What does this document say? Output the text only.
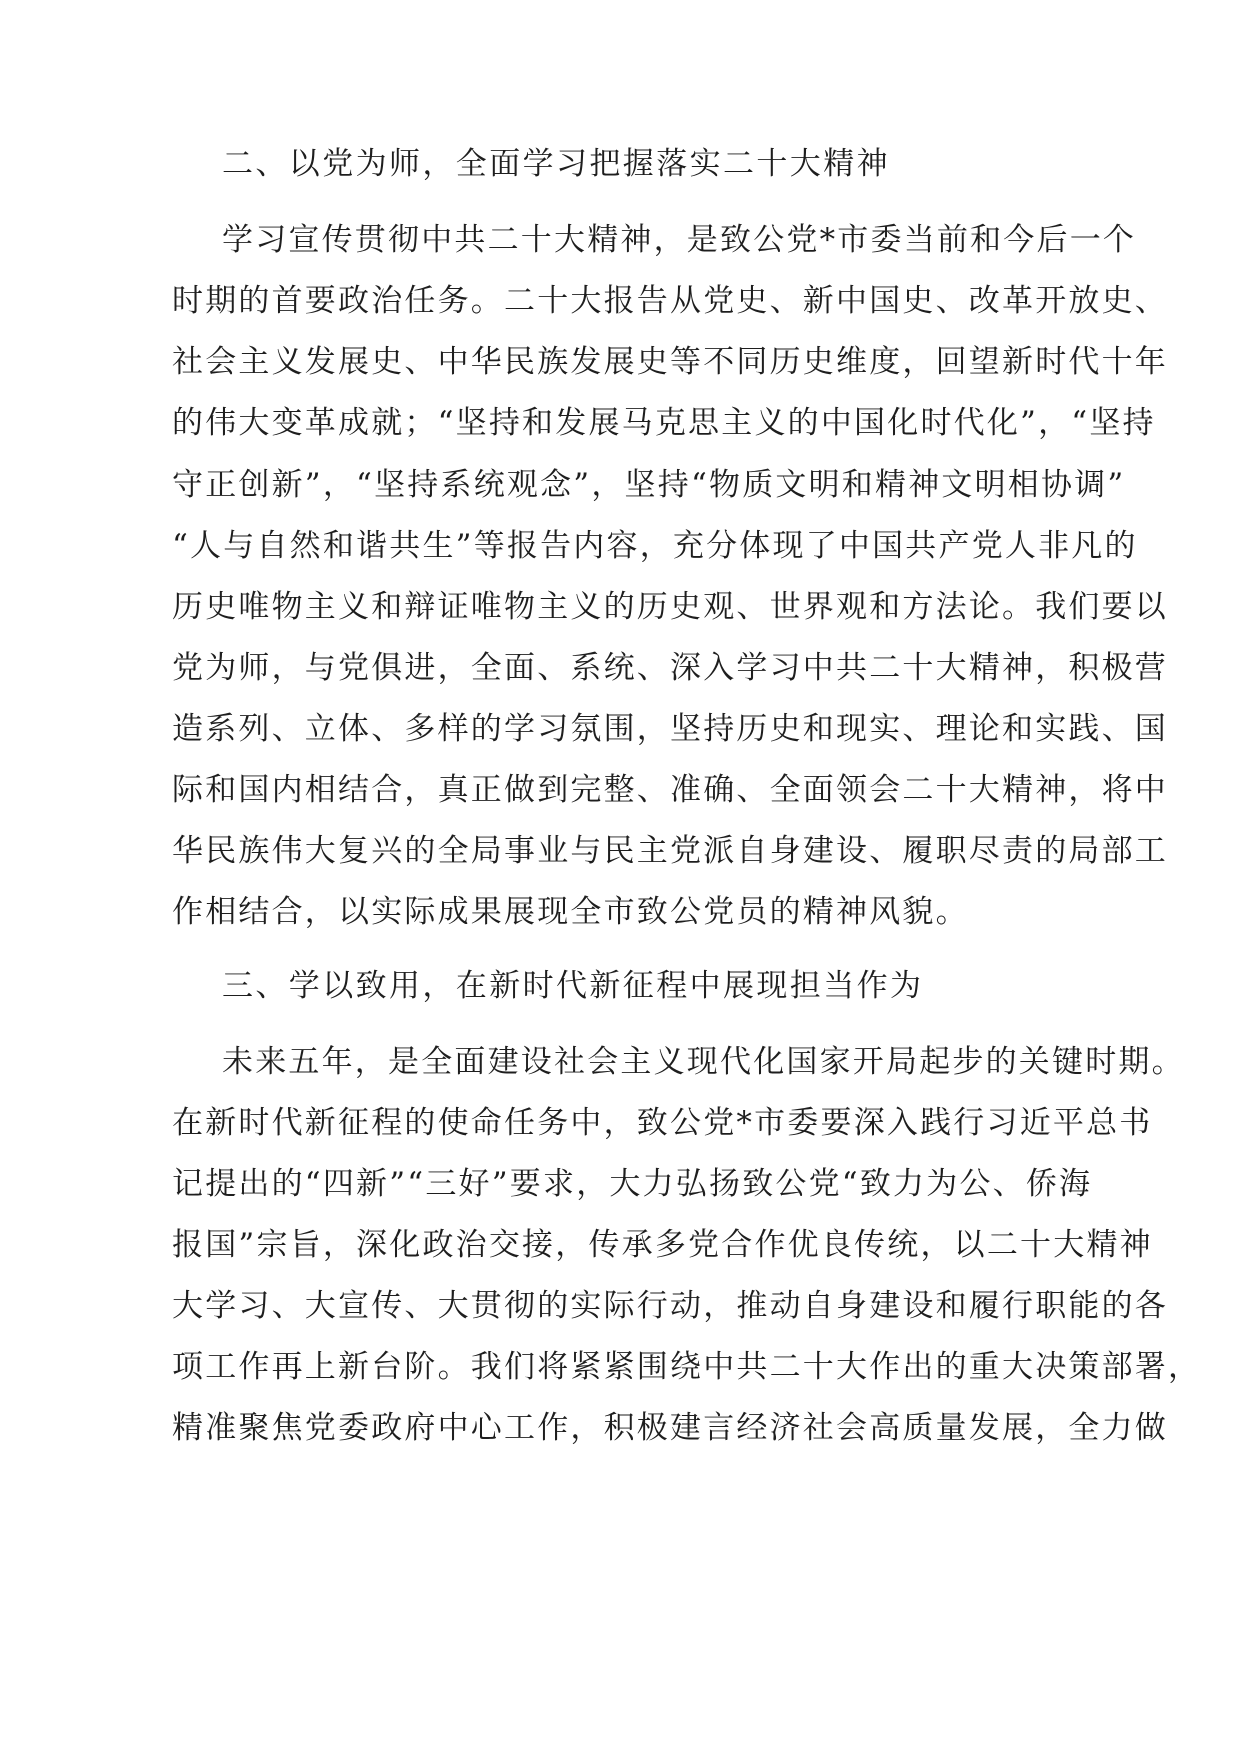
二、以党为师，全面学习把握落实二十大精神

学习宣传贯彻中共二十大精神，是致公党*市委当前和今后一个

时期的首要政治任务。二十大报告从党史、新中国史、改革开放史、

社会主义发展史、中华民族发展史等不同历史维度，回望新时代十年

的伟大变革成就；“坚持和发展马克思主义的中国化时代化”，“坚持

守正创新”，“坚持系统观念”，坚持“物质文明和精神文明相协调”

“人与自然和谐共生”等报告内容，充分体现了中国共产党人非凡的

历史唯物主义和辩证唯物主义的历史观、世界观和方法论。我们要以

党为师，与党俱进，全面、系统、深入学习中共二十大精神，积极营

造系列、立体、多样的学习氛围，坚持历史和现实、理论和实践、国

际和国内相结合，真正做到完整、准确、全面领会二十大精神，将中

华民族伟大复兴的全局事业与民主党派自身建设、履职尽责的局部工

作相结合，以实际成果展现全市致公党员的精神风貌。

三、学以致用，在新时代新征程中展现担当作为

未来五年，是全面建设社会主义现代化国家开局起步的关键时期。

在新时代新征程的使命任务中，致公党*市委要深入践行习近平总书

记提出的“四新”“三好”要求，大力弘扬致公党“致力为公、侨海

报国”宗旨，深化政治交接，传承多党合作优良传统，以二十大精神

大学习、大宣传、大贯彻的实际行动，推动自身建设和履行职能的各

项工作再上新台阶。我们将紧紧围绕中共二十大作出的重大决策部署，

精准聚焦党委政府中心工作，积极建言经济社会高质量发展，全力做
